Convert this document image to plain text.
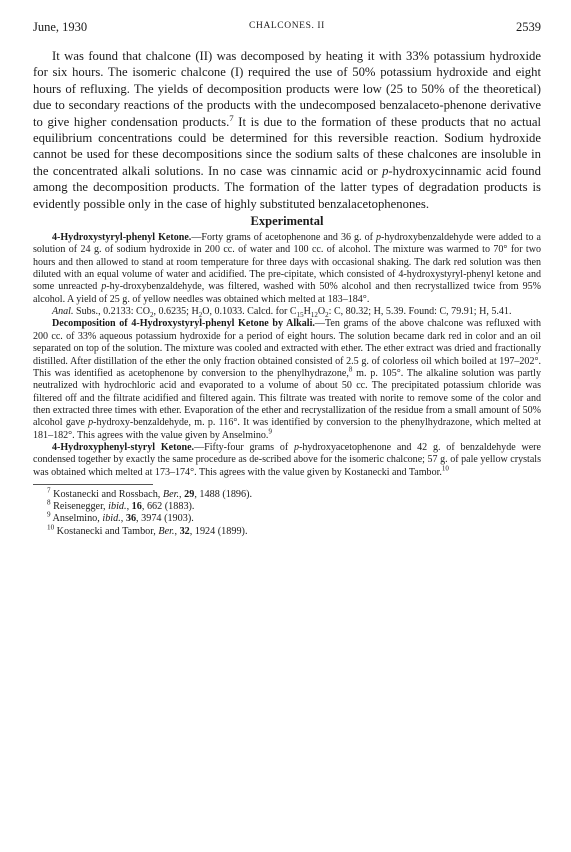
June, 1930	CHALCONES. II	2539

It was found that chalcone (II) was decomposed by heating it with 33% potassium hydroxide for six hours. The isomeric chalcone (I) required the use of 50% potassium hydroxide and eight hours of refluxing. The yields of decomposition products were low (25 to 50% of the theoretical) due to secondary reactions of the products with the undecomposed benzalaceto-phenone derivative to give higher condensation products.$^7$ It is due to the formation of these products that no actual equilibrium concentrations could be determined for this reversible reaction. Sodium hydroxide cannot be used for these decompositions since the sodium salts of these chalcones are insoluble in the concentrated alkali solutions. In no case was cinnamic acid or p-hydroxycinnamic acid found among the decomposition products. The formation of the latter types of degradation products is evidently possible only in the case of highly substituted benzalacetophenones.

Experimental

4-Hydroxystyryl-phenyl Ketone.—Forty grams of acetophenone and 36 g. of p-hydroxybenzaldehyde were added to a solution of 24 g. of sodium hydroxide in 200 cc. of water and 100 cc. of alcohol. The mixture was warmed to 70° for two hours and then allowed to stand at room temperature for three days with occasional shaking. The dark red solution was then diluted with an equal volume of water and acidified. The pre-cipitate, which consisted of 4-hydroxystyryl-phenyl ketone and some unreacted p-hy-droxybenzaldehyde, was filtered, washed with 50% alcohol and then recrystallized twice from 95% alcohol. A yield of 25 g. of yellow needles was obtained which melted at 183–184°.

Anal. Subs., 0.2133: $CO_2$, 0.6235; $H_2O$, 0.1033. Calcd. for $C_{15}H_{12}O_2$: C, 80.32; H, 5.39. Found: C, 79.91; H, 5.41.

Decomposition of 4-Hydroxystyryl-phenyl Ketone by Alkali.—Ten grams of the above chalcone was refluxed with 200 cc. of 33% aqueous potassium hydroxide for a period of eight hours. The solution became dark red in color and an oil separated on top of the solution. The mixture was cooled and extracted with ether. The ether extract was dried and fractionally distilled. After distillation of the ether the only fraction obtained consisted of 2.5 g. of colorless oil which boiled at 197–202°. This was identified as acetophenone by conversion to the phenylhydrazone,$^8$ m. p. 105°. The alkaline solution was partly neutralized with hydrochloric acid and evaporated to a volume of about 50 cc. The precipitated potassium chloride was filtered off and the filtrate acidified and filtered again. This filtrate was treated with norite to remove some of the color and then extracted three times with ether. Evaporation of the ether and recrystallization of the residue from a small amount of 50% alcohol gave p-hydroxy-benzaldehyde, m. p. 116°. It was identified by conversion to the phenylhydrazone, which melted at 181–182°. This agrees with the value given by Anselmino.$^9$

4-Hydroxyphenyl-styryl Ketone.—Fifty-four grams of p-hydroxyacetophenone and 42 g. of benzaldehyde were condensed together by exactly the same procedure as de-scribed above for the isomeric chalcone; 57 g. of pale yellow crystals was obtained which melted at 173–174°. This agrees with the value given by Kostanecki and Tambor.$^{10}$

$^7$ Kostanecki and Rossbach, Ber., 29, 1488 (1896).

$^8$ Reisenegger, ibid., 16, 662 (1883).

$^9$ Anselmino, ibid., 36, 3974 (1903).

$^{10}$ Kostanecki and Tambor, Ber., 32, 1924 (1899).
